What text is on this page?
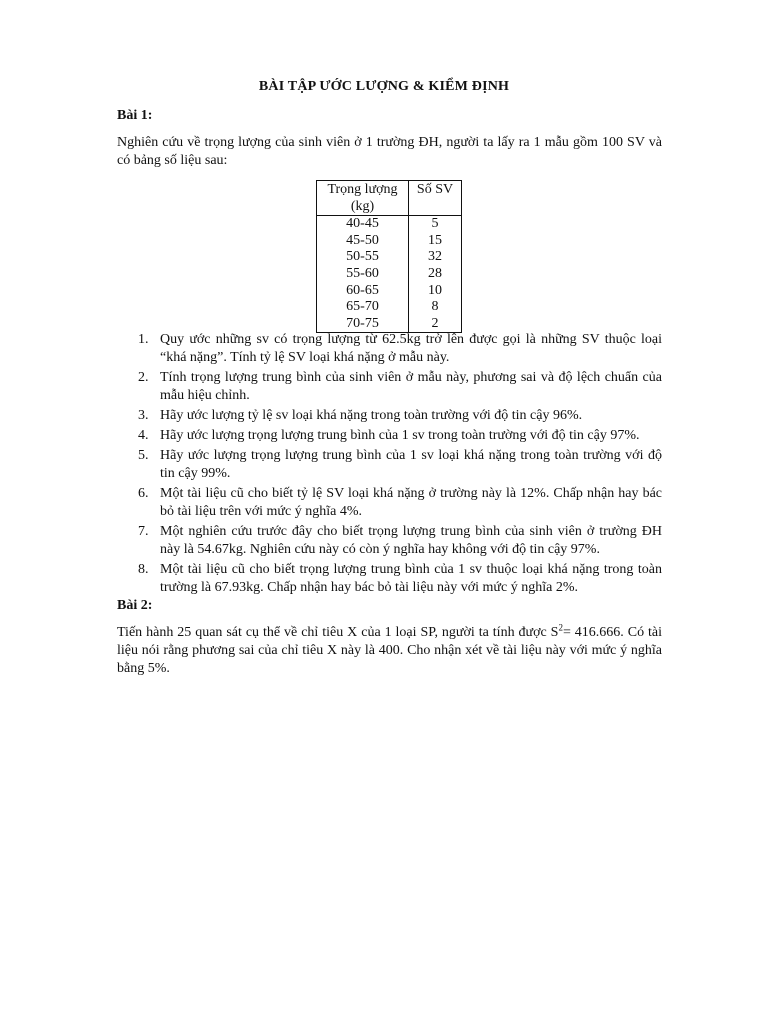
BÀI TẬP ƯỚC LƯỢNG & KIỂM ĐỊNH
Bài 1:
Nghiên cứu về trọng lượng của sinh viên ở 1 trường ĐH, người ta lấy ra 1 mẫu gồm 100 SV và có bảng số liệu sau:
Trọng lượng
(kg)	Số SV
40-45	5
45-50	15
50-55	32
55-60	28
60-65	10
65-70	8
70-75	2
1. Quy ước những sv có trọng lượng từ 62.5kg trở lên được gọi là những SV thuộc loại “khá nặng”. Tính tỷ lệ SV loại khá nặng ở mẫu này.
2. Tính trọng lượng trung bình của sinh viên ở mẫu này, phương sai và độ lệch chuẩn của mẫu hiệu chỉnh.
3. Hãy ước lượng tỷ lệ sv loại khá nặng trong toàn trường với độ tin cậy 96%.
4. Hãy ước lượng trọng lượng trung bình của 1 sv trong toàn trường với độ tin cậy 97%.
5. Hãy ước lượng trọng lượng trung bình của 1 sv loại khá nặng trong toàn trường với độ tin cậy 99%.
6. Một tài liệu cũ cho biết tỷ lệ SV loại khá nặng ở trường này là 12%. Chấp nhận hay bác bỏ tài liệu trên với mức ý nghĩa 4%.
7. Một nghiên cứu trước đây cho biết trọng lượng trung bình của sinh viên ở trường ĐH này là 54.67kg. Nghiên cứu này có còn ý nghĩa hay không với độ tin cậy 97%.
8. Một tài liệu cũ cho biết trọng lượng trung bình của 1 sv thuộc loại khá nặng trong toàn trường là 67.93kg. Chấp nhận hay bác bỏ tài liệu này với mức ý nghĩa 2%.
Bài 2:
Tiến hành 25 quan sát cụ thể về chỉ tiêu X của 1 loại SP, người ta tính được $S^2= 416.666$. Có tài liệu nói rằng phương sai của chỉ tiêu X này là 400. Cho nhận xét về tài liệu này với mức ý nghĩa bằng 5%.
